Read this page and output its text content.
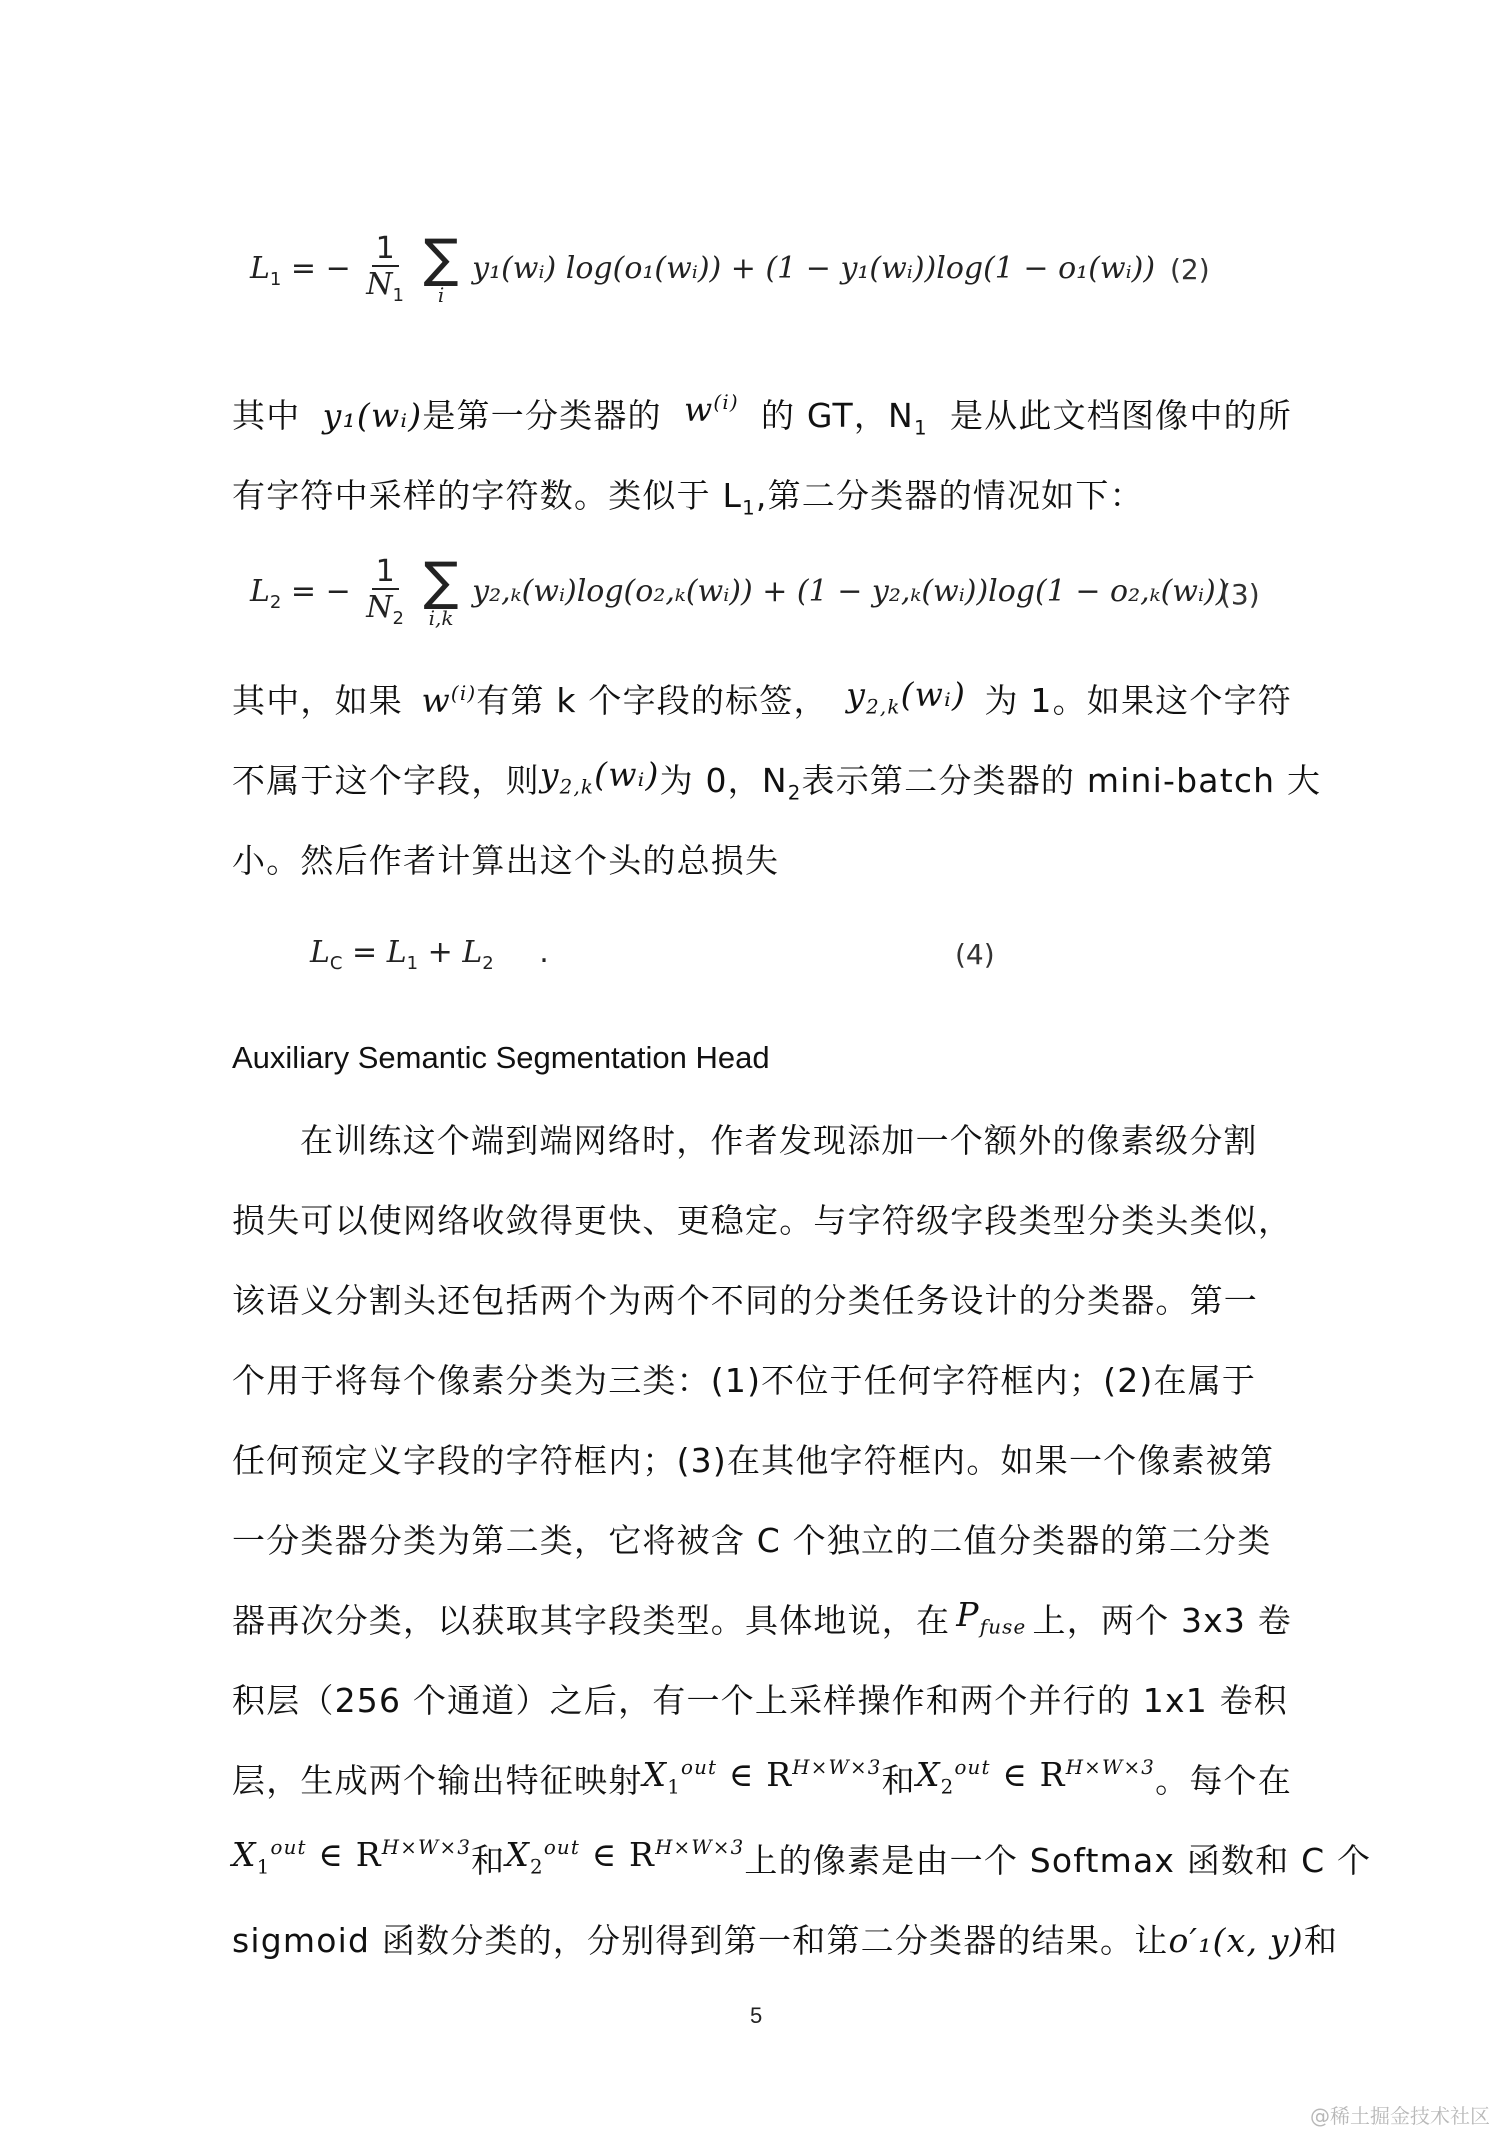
$L_1$ = − $\frac{1}{N_1}$
∑
i
y₁(wᵢ) log(o₁(wᵢ)) + (1 − y₁(wᵢ))log(1 − o₁(wᵢ)) (2)
其中 y₁(wᵢ)是第一分类器的 $w^{(i)}$ 的 GT，$N_1$ 是从此文档图像中的所
有字符中采样的字符数。类似于 $L_1$,第二分类器的情况如下：
$L_2$ = − $\frac{1}{N_2}$
∑
i,k
y₂,ₖ(wᵢ)log(o₂,ₖ(wᵢ)) + (1 − y₂,ₖ(wᵢ))log(1 − o₂,ₖ(wᵢ))
(3)
其中，如果 $w^{(i)}$有第 k 个字段的标签， $y_{2,k}(wᵢ)$ 为 1。如果这个字符
不属于这个字段，则 $y_{2,k}(wᵢ)$ 为 0，$N_2$ 表示第二分类器的 mini-batch 大
小。然后作者计算出这个头的总损失
$L_C = L_1 + L_2$ .	(4)
Auxiliary Semantic Segmentation Head
在训练这个端到端网络时，作者发现添加一个额外的像素级分割
损失可以使网络收敛得更快、更稳定。与字符级字段类型分类头类似，
该语义分割头还包括两个为两个不同的分类任务设计的分类器。第一
个用于将每个像素分类为三类：(1)不位于任何字符框内；(2)在属于
任何预定义字段的字符框内；(3)在其他字符框内。如果一个像素被第
一分类器分类为第二类，它将被含 C 个独立的二值分类器的第二分类
器再次分类，以获取其字段类型。具体地说，在 $P_{fuse}$ 上，两个 3x3 卷
积层（256 个通道）之后，有一个上采样操作和两个并行的 1x1 卷积
层，生成两个输出特征映射 $X_1^{out}$ ∈ $R^{H\times W\times 3}$ 和 $X_2^{out}$ ∈ $R^{H\times W\times 3}$ 。每个在
$X_1^{out}$ ∈ $R^{H\times W\times 3}$ 和 $X_2^{out}$ ∈ $R^{H\times W\times 3}$ 上的像素是由一个 Softmax 函数和 C 个
sigmoid 函数分类的，分别得到第一和第二分类器的结果。让 o′₁(x, y)和
5
@稀土掘金技术社区
